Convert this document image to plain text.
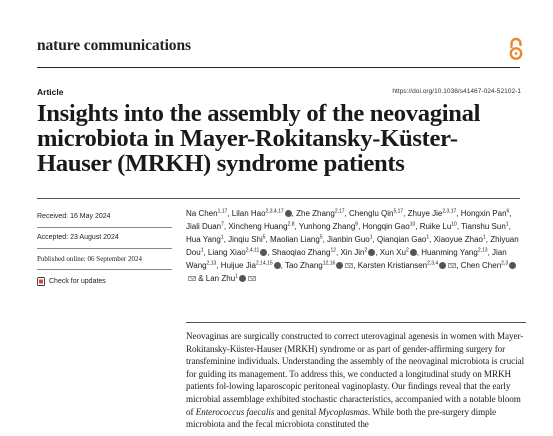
nature communications
Article	https://doi.org/10.1038/s41467-024-52102-1
Insights into the assembly of the neovaginal microbiota in Mayer-Rokitansky-Küster-Hauser (MRKH) syndrome patients
Received: 16 May 2024
Accepted: 23 August 2024
Published online: 06 September 2024
Check for updates

Na Chen$^{1,17}$, Lilan Hao$^{2,3,4,17}$ , Zhe Zhang$^{2,17}$, Chenglu Qin$^{5,17}$, Zhuye Jie$^{2,3,17}$, Hongxin Pan$^6$, Jiali Duan$^7$, Xincheng Huang$^{2,8}$, Yunhong Zhang$^9$, Hongqin Gao$^{10}$, Ruike Lu$^{10}$, Tianshu Sun$^1$, Hua Yang$^1$, Jinqiu Shi$^5$, Maolian Liang$^5$, Jianbin Guo$^1$, Qianqian Gao$^1$, Xiaoyue Zhao$^1$, Zhiyuan Dou$^1$, Liang Xiao$^{2,4,11}$ , Shaoqiao Zhang$^{12}$, Xin Jin$^2$ , Xun Xu$^2$ , Huanming Yang$^{2,13}$, Jian Wang$^{2,13}$, Huijue Jia$^{2,14,15}$ , Tao Zhang$^{12,16}$ , Karsten Kristiansen$^{2,3,4}$ , Chen Chen$^{2,3}$ & Lan Zhu$^1$

Neovaginas are surgically constructed to correct uterovaginal agenesis in women with Mayer-Rokitansky-Küster-Hauser (MRKH) syndrome or as part of gender-affirming surgery for transfeminine individuals. Understanding the assembly of the neovaginal microbiota is crucial for guiding its management. To address this, we conducted a longitudinal study on MRKH patients fol-lowing laparoscopic peritoneal vaginoplasty. Our findings reveal that the early microbial assemblage exhibited stochastic characteristics, accompanied with a notable bloom of Enterococcus faecalis and genital Mycoplasmas. While both the pre-surgery dimple microbiota and the fecal microbiota constituted the
